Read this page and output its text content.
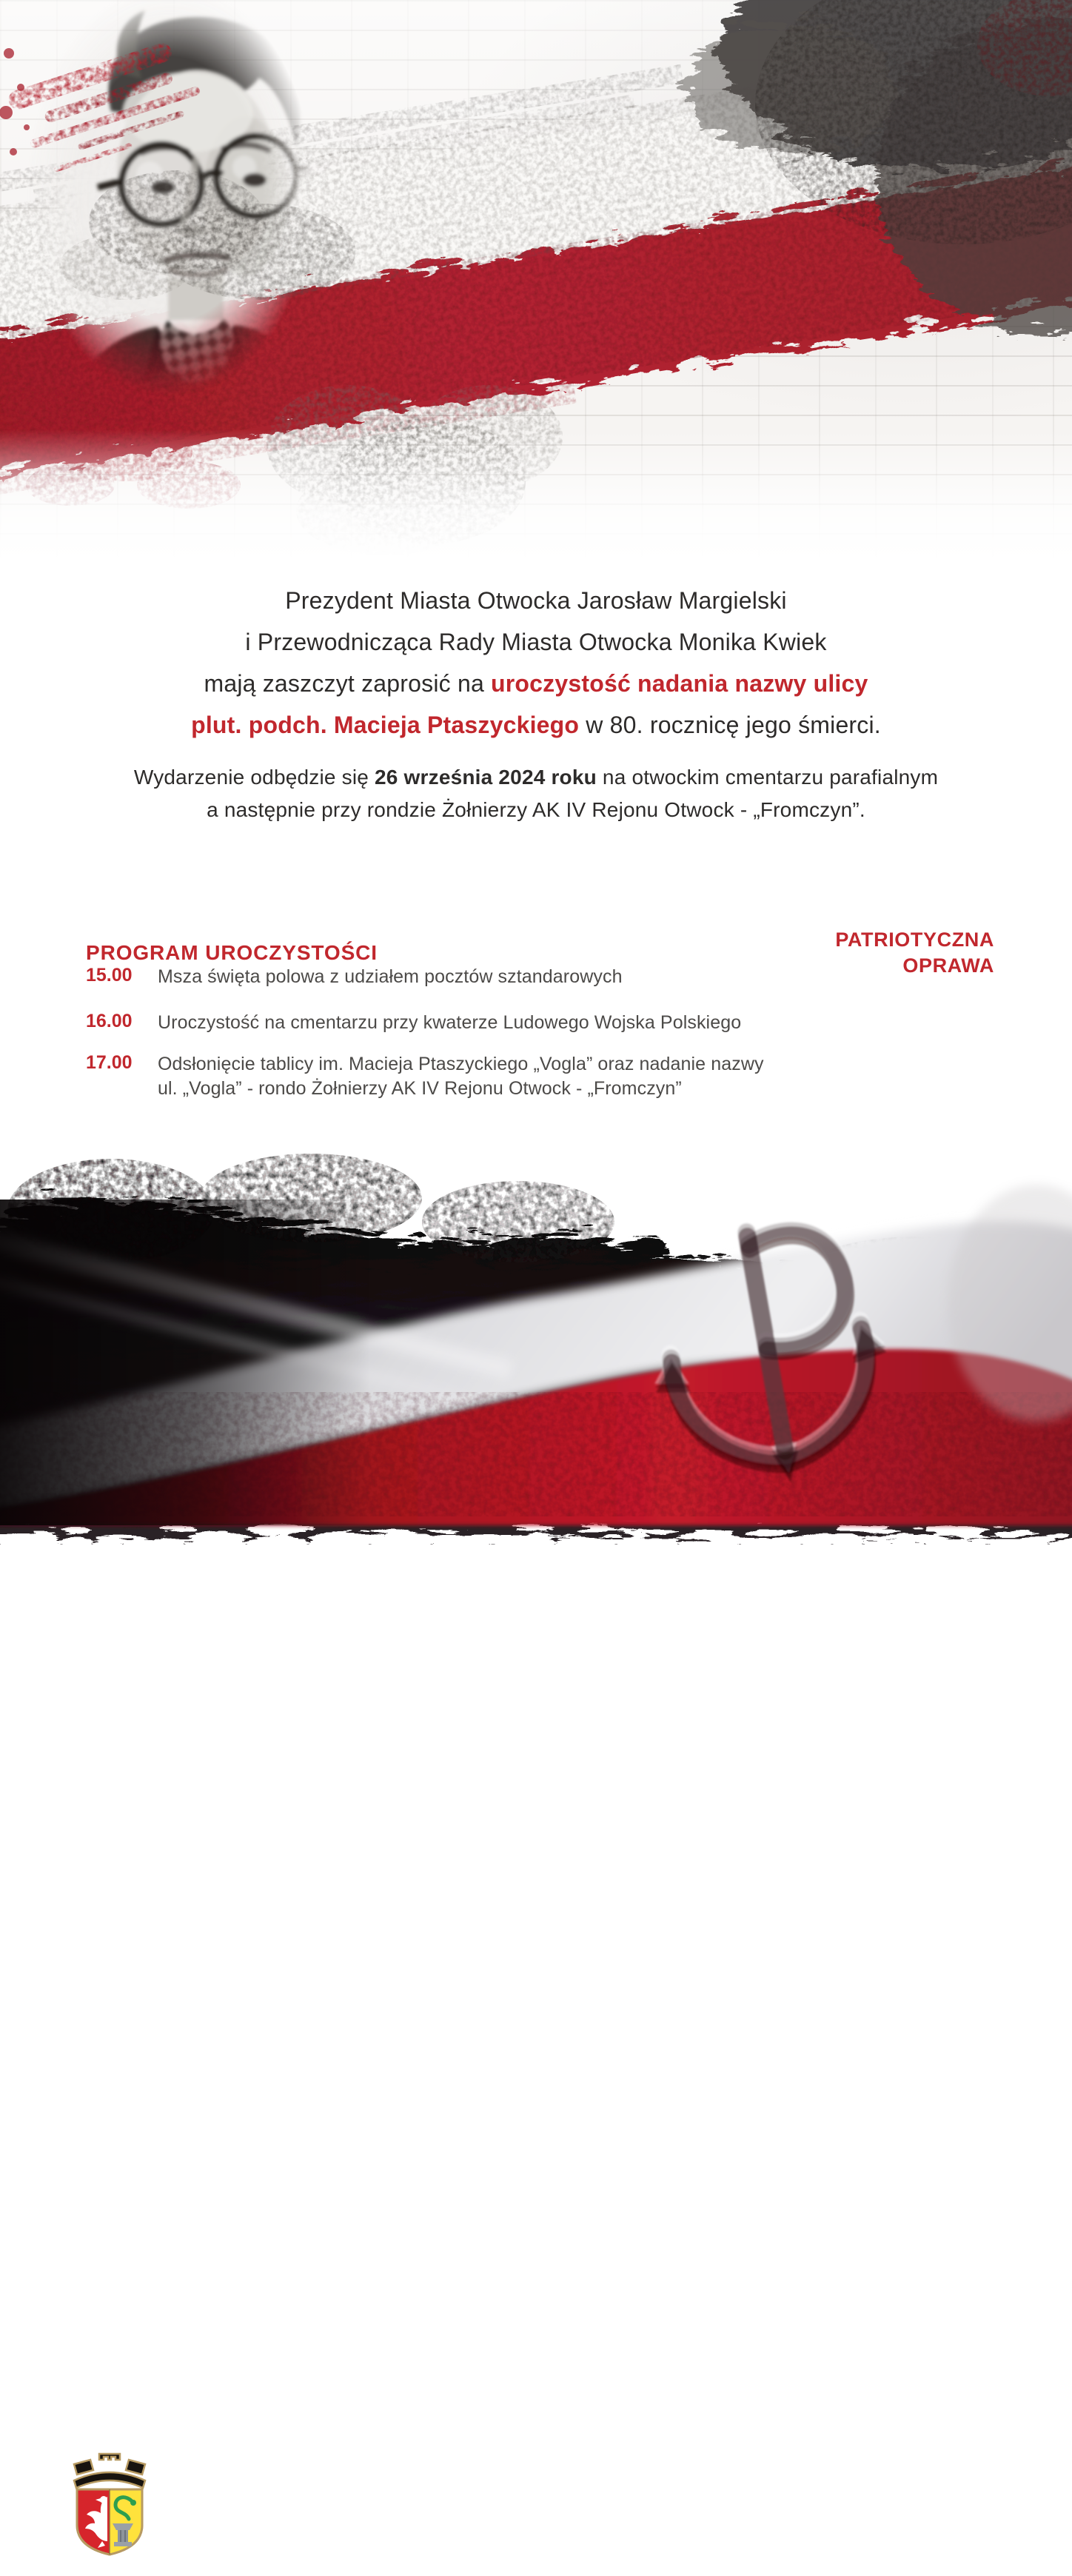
Prezydent Miasta Otwocka Jarosław Margielski
i Przewodnicząca Rady Miasta Otwocka Monika Kwiek
mają zaszczyt zaprosić na uroczystość nadania nazwy ulicy
plut. podch. Macieja Ptaszyckiego w 80. rocznicę jego śmierci.
Wydarzenie odbędzie się 26 września 2024 roku na otwockim cmentarzu parafialnym
a następnie przy rondzie Żołnierzy AK IV Rejonu Otwock - „Fromczyn”.
PROGRAM UROCZYSTOŚCI
15.00 Msza święta polowa z udziałem pocztów sztandarowych
16.00 Uroczystość na cmentarzu przy kwaterze Ludowego Wojska Polskiego
17.00 Odsłonięcie tablicy im. Macieja Ptaszyckiego „Vogla” oraz nadanie nazwy ul. „Vogla” - rondo Żołnierzy AK IV Rejonu Otwock - „Fromczyn”
PATRIOTYCZNA
OPRAWA
MIASTO OTWOCK
